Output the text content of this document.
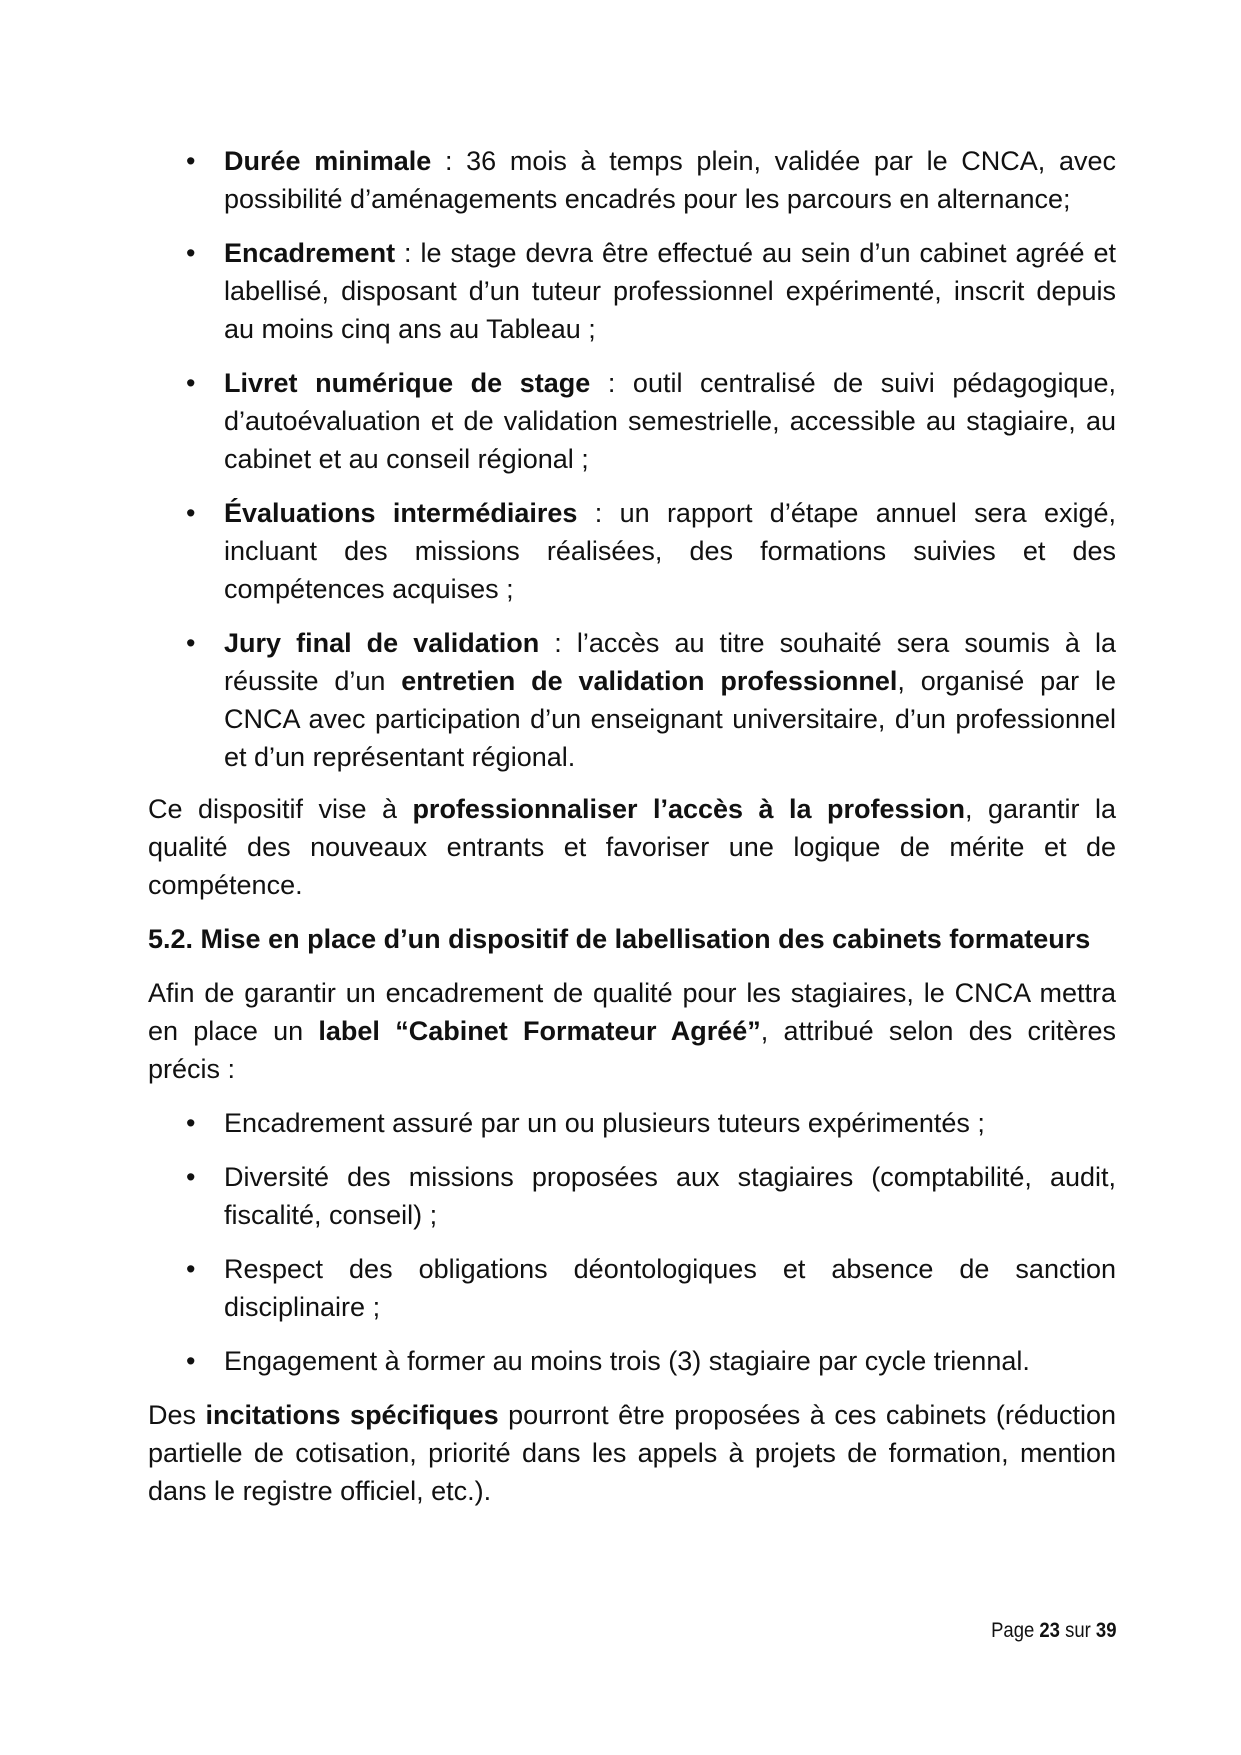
•	Durée minimale : 36 mois à temps plein, validée par le CNCA, avec possibilité d’aménagements encadrés pour les parcours en alternance;
•	Encadrement : le stage devra être effectué au sein d’un cabinet agréé et labellisé, disposant d’un tuteur professionnel expérimenté, inscrit depuis au moins cinq ans au Tableau ;
•	Livret numérique de stage : outil centralisé de suivi pédagogique, d’autoévaluation et de validation semestrielle, accessible au stagiaire, au cabinet et au conseil régional ;
•	Évaluations intermédiaires : un rapport d’étape annuel sera exigé, incluant des missions réalisées, des formations suivies et des compétences acquises ;
•	Jury final de validation : l’accès au titre souhaité sera soumis à la réussite d’un entretien de validation professionnel, organisé par le CNCA avec participation d’un enseignant universitaire, d’un professionnel et d’un représentant régional.

Ce dispositif vise à professionnaliser l’accès à la profession, garantir la qualité des nouveaux entrants et favoriser une logique de mérite et de compétence.

5.2. Mise en place d’un dispositif de labellisation des cabinets formateurs

Afin de garantir un encadrement de qualité pour les stagiaires, le CNCA mettra en place un label “Cabinet Formateur Agréé”, attribué selon des critères précis :

•	Encadrement assuré par un ou plusieurs tuteurs expérimentés ;
•	Diversité des missions proposées aux stagiaires (comptabilité, audit, fiscalité, conseil) ;
•	Respect des obligations déontologiques et absence de sanction disciplinaire ;
•	Engagement à former au moins trois (3) stagiaire par cycle triennal.

Des incitations spécifiques pourront être proposées à ces cabinets (réduction partielle de cotisation, priorité dans les appels à projets de formation, mention dans le registre officiel, etc.).

Page 23 sur 39
